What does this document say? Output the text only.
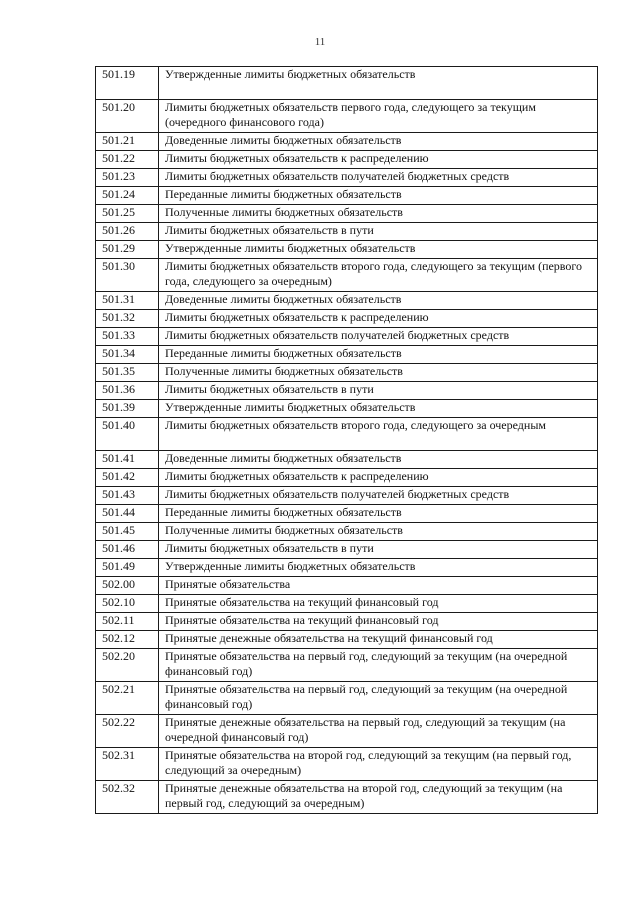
11
501.19	Утвержденные лимиты бюджетных обязательств
501.20	Лимиты бюджетных обязательств первого года, следующего за текущим (очередного финансового года)
501.21	Доведенные лимиты бюджетных обязательств
501.22	Лимиты бюджетных обязательств к распределению
501.23	Лимиты бюджетных обязательств получателей бюджетных средств
501.24	Переданные лимиты бюджетных обязательств
501.25	Полученные лимиты бюджетных обязательств
501.26	Лимиты бюджетных обязательств в пути
501.29	Утвержденные лимиты бюджетных обязательств
501.30	Лимиты бюджетных обязательств второго года, следующего за текущим (первого года, следующего за очередным)
501.31	Доведенные лимиты бюджетных обязательств
501.32	Лимиты бюджетных обязательств к распределению
501.33	Лимиты бюджетных обязательств получателей бюджетных средств
501.34	Переданные лимиты бюджетных обязательств
501.35	Полученные лимиты бюджетных обязательств
501.36	Лимиты бюджетных обязательств в пути
501.39	Утвержденные лимиты бюджетных обязательств
501.40	Лимиты бюджетных обязательств второго года, следующего за очередным
501.41	Доведенные лимиты бюджетных обязательств
501.42	Лимиты бюджетных обязательств к распределению
501.43	Лимиты бюджетных обязательств получателей бюджетных средств
501.44	Переданные лимиты бюджетных обязательств
501.45	Полученные лимиты бюджетных обязательств
501.46	Лимиты бюджетных обязательств в пути
501.49	Утвержденные лимиты бюджетных обязательств
502.00	Принятые обязательства
502.10	Принятые обязательства на текущий финансовый год
502.11	Принятые обязательства на текущий финансовый год
502.12	Принятые денежные обязательства на текущий финансовый год
502.20	Принятые обязательства на первый год, следующий за текущим (на очередной финансовый год)
502.21	Принятые обязательства на первый год, следующий за текущим (на очередной финансовый год)
502.22	Принятые денежные обязательства на первый год, следующий за текущим (на очередной финансовый год)
502.31	Принятые обязательства на второй год, следующий за текущим (на первый год, следующий за очередным)
502.32	Принятые денежные обязательства на второй год, следующий за текущим (на первый год, следующий за очередным)
